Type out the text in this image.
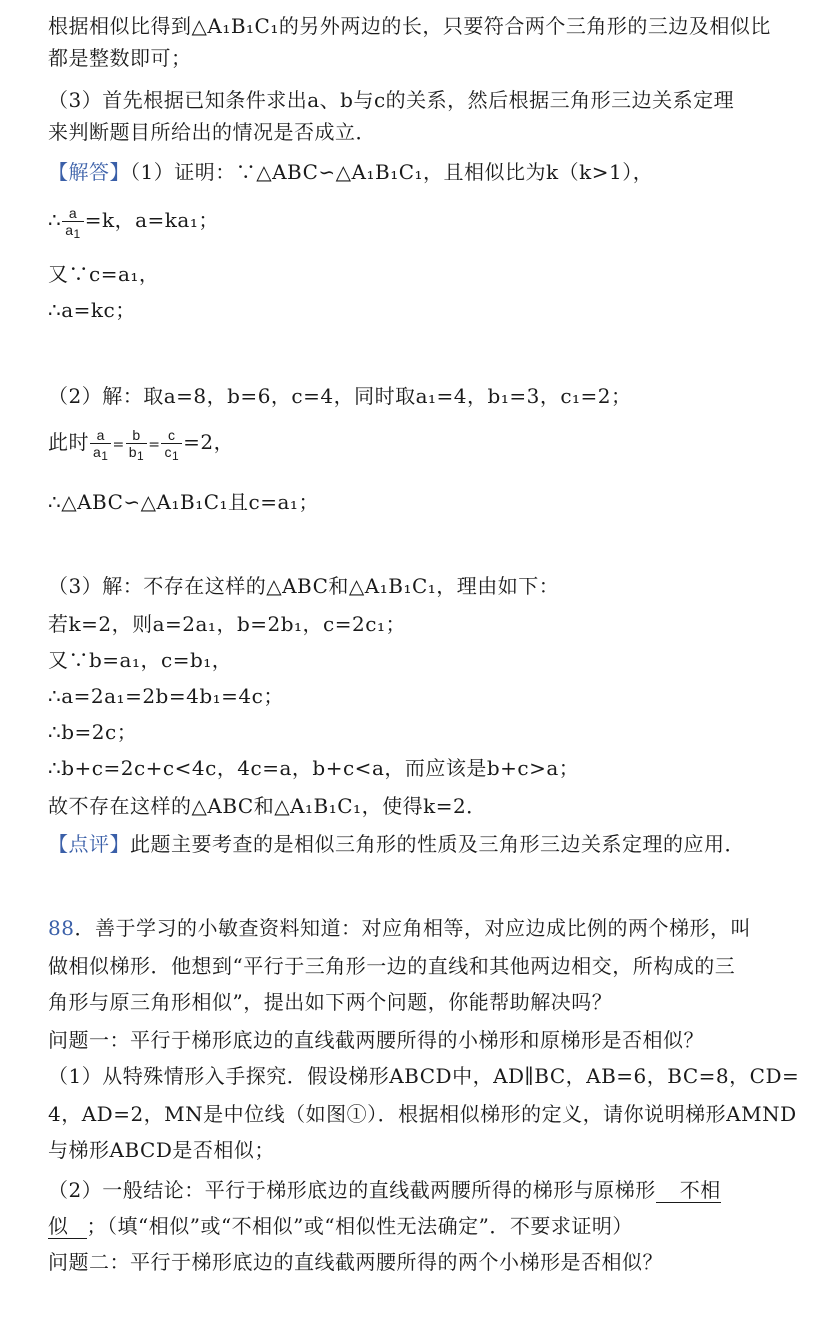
根据相似比得到△A₁B₁C₁的另外两边的长，只要符合两个三角形的三边及相似比
都是整数即可；
（3）首先根据已知条件求出a、b与c的关系，然后根据三角形三边关系定理
来判断题目所给出的情况是否成立．
【解答】（1）证明：∵△ABC∽△A₁B₁C₁，且相似比为k（k>1），
∴ $\frac{a}{a_1} =k$，a=ka₁；
又∵c=a₁，
∴a=kc；
（2）解：取a=8，b=6，c=4，同时取a₁=4，b₁=3，c₁=2；
此时 $\frac{a}{a_1} = \frac{b}{b_1} = \frac{c}{c_1} =2$，
∴△ABC∽△A₁B₁C₁且c=a₁；
（3）解：不存在这样的△ABC和△A₁B₁C₁，理由如下：
若k=2，则a=2a₁，b=2b₁，c=2c₁；
又∵b=a₁，c=b₁，
∴a=2a₁=2b=4b₁=4c；
∴b=2c；
∴b+c=2c+c<4c，4c=a，b+c<a，而应该是b+c>a；
故不存在这样的△ABC和△A₁B₁C₁，使得k=2．
【点评】此题主要考查的是相似三角形的性质及三角形三边关系定理的应用．
88．善于学习的小敏查资料知道：对应角相等，对应边成比例的两个梯形，叫
做相似梯形．他想到“平行于三角形一边的直线和其他两边相交，所构成的三
角形与原三角形相似”，提出如下两个问题，你能帮助解决吗？
问题一：平行于梯形底边的直线截两腰所得的小梯形和原梯形是否相似？
（1）从特殊情形入手探究．假设梯形ABCD中，AD∥BC，AB=6，BC=8，CD=
4，AD=2，MN是中位线（如图①）．根据相似梯形的定义，请你说明梯形AMND
与梯形ABCD是否相似；
（2）一般结论：平行于梯形底边的直线截两腰所得的梯形与原梯形 不相
似 ；（填“相似”或“不相似”或“相似性无法确定”．不要求证明）
问题二：平行于梯形底边的直线截两腰所得的两个小梯形是否相似？
